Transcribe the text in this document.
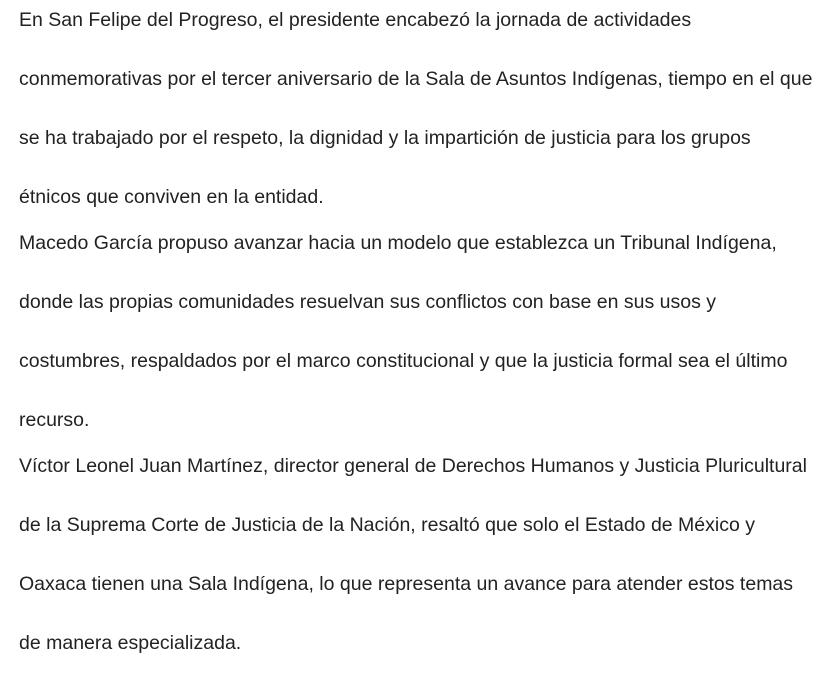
En San Felipe del Progreso, el presidente encabezó la jornada de actividades conmemorativas por el tercer aniversario de la Sala de Asuntos Indígenas, tiempo en el que se ha trabajado por el respeto, la dignidad y la impartición de justicia para los grupos étnicos que conviven en la entidad.

Macedo García propuso avanzar hacia un modelo que establezca un Tribunal Indígena, donde las propias comunidades resuelvan sus conflictos con base en sus usos y costumbres, respaldados por el marco constitucional y que la justicia formal sea el último recurso.

Víctor Leonel Juan Martínez, director general de Derechos Humanos y Justicia Pluricultural de la Suprema Corte de Justicia de la Nación, resaltó que solo el Estado de México y Oaxaca tienen una Sala Indígena, lo que representa un avance para atender estos temas de manera especializada.
